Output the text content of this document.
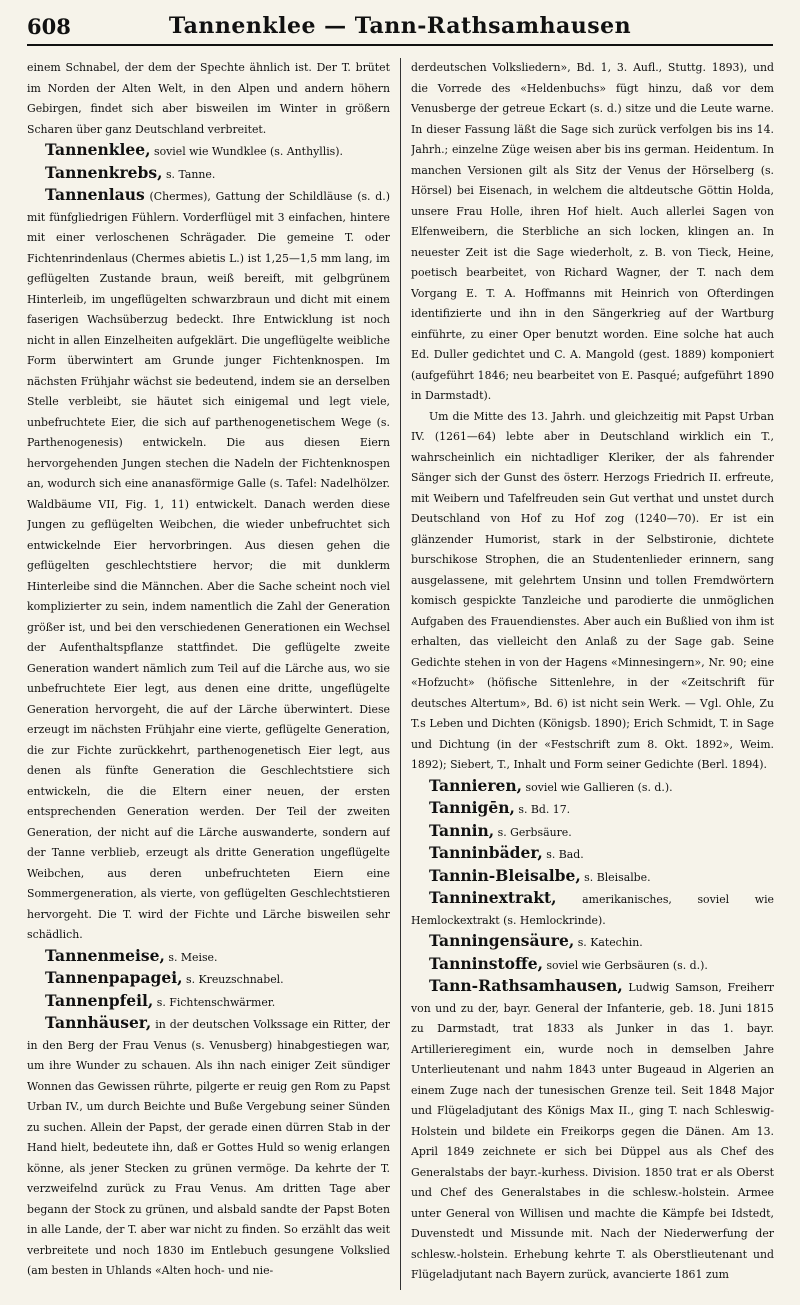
608	Tannenklee — Tann-Rathsamhausen

einem Schnabel, der dem der Spechte ähnlich ist. Der T. brütet im Norden der Alten Welt, in den Alpen und andern höhern Gebirgen, findet sich aber bisweilen im Winter in größern Scharen über ganz Deutschland verbreitet.

Tannenklee, soviel wie Wundklee (s. Anthyllis).

Tannenkrebs, s. Tanne.

Tannenlaus (Chermes), Gattung der Schildläuse (s. d.) mit fünfgliedrigen Fühlern. Vorderflügel mit 3 einfachen, hintere mit einer verloschenen Schrägader. Die gemeine T. oder Fichtenrindenlaus (Chermes abietis L.) ist 1,25—1,5 mm lang, im geflügelten Zustande braun, weiß bereift, mit gelbgrünem Hinterleib, im ungeflügelten schwarzbraun und dicht mit einem faserigen Wachsüberzug bedeckt. Ihre Entwicklung ist noch nicht in allen Einzelheiten aufgeklärt. Die ungeflügelte weibliche Form überwintert am Grunde junger Fichtenknospen. Im nächsten Frühjahr wächst sie bedeutend, indem sie an derselben Stelle verbleibt, sie häutet sich einigemal und legt viele, unbefruchtete Eier, die sich auf parthenogenetischem Wege (s. Parthenogenesis) entwickeln. Die aus diesen Eiern hervorgehenden Jungen stechen die Nadeln der Fichtenknospen an, wodurch sich eine ananasförmige Galle (s. Tafel: Nadelhölzer. Waldbäume VII, Fig. 1, 11) entwickelt. Danach werden diese Jungen zu geflügelten Weibchen, die wieder unbefruchtet sich entwickelnde Eier hervorbringen. Aus diesen gehen die geflügelten geschlechtstiere hervor; die mit dunklerm Hinterleibe sind die Männchen. Aber die Sache scheint noch viel komplizierter zu sein, indem namentlich die Zahl der Generation größer ist, und bei den verschiedenen Generationen ein Wechsel der Aufenthaltspflanze stattfindet. Die geflügelte zweite Generation wandert nämlich zum Teil auf die Lärche aus, wo sie unbefruchtete Eier legt, aus denen eine dritte, ungeflügelte Generation hervorgeht, die auf der Lärche überwintert. Diese erzeugt im nächsten Frühjahr eine vierte, geflügelte Generation, die zur Fichte zurückkehrt, parthenogenetisch Eier legt, aus denen als fünfte Generation die Geschlechtstiere sich entwickeln, die die Eltern einer neuen, der ersten entsprechenden Generation werden. Der Teil der zweiten Generation, der nicht auf die Lärche auswanderte, sondern auf der Tanne verblieb, erzeugt als dritte Generation ungeflügelte Weibchen, aus deren unbefruchteten Eiern eine Sommergeneration, als vierte, von geflügelten Geschlechtstieren hervorgeht. Die T. wird der Fichte und Lärche bisweilen sehr schädlich.

Tannenmeise, s. Meise.

Tannenpapagei, s. Kreuzschnabel.

Tannenpfeil, s. Fichtenschwärmer.

Tannhäuser, in der deutschen Volkssage ein Ritter, der in den Berg der Frau Venus (s. Venusberg) hinabgestiegen war, um ihre Wunder zu schauen. Als ihn nach einiger Zeit sündiger Wonnen das Gewissen rührte, pilgerte er reuig gen Rom zu Papst Urban IV., um durch Beichte und Buße Vergebung seiner Sünden zu suchen. Allein der Papst, der gerade einen dürren Stab in der Hand hielt, bedeutete ihn, daß er Gottes Huld so wenig erlangen könne, als jener Stecken zu grünen vermöge. Da kehrte der T. verzweifelnd zurück zu Frau Venus. Am dritten Tage aber begann der Stock zu grünen, und alsbald sandte der Papst Boten in alle Lande, der T. aber war nicht zu finden. So erzählt das weit verbreitete und noch 1830 im Entlebuch gesungene Volkslied (am besten in Uhlands «Alten hoch- und nie-

derdeutschen Volksliedern», Bd. 1, 3. Aufl., Stuttg. 1893), und die Vorrede des «Heldenbuchs» fügt hinzu, daß vor dem Venusberge der getreue Eckart (s. d.) sitze und die Leute warne. In dieser Fassung läßt die Sage sich zurück verfolgen bis ins 14. Jahrh.; einzelne Züge weisen aber bis ins german. Heidentum. In manchen Versionen gilt als Sitz der Venus der Hörselberg (s. Hörsel) bei Eisenach, in welchem die altdeutsche Göttin Holda, unsere Frau Holle, ihren Hof hielt. Auch allerlei Sagen von Elfenweibern, die Sterbliche an sich locken, klingen an. In neuester Zeit ist die Sage wiederholt, z. B. von Tieck, Heine, poetisch bearbeitet, von Richard Wagner, der T. nach dem Vorgang E. T. A. Hoffmanns mit Heinrich von Ofterdingen identifizierte und ihn in den Sängerkrieg auf der Wartburg einführte, zu einer Oper benutzt worden. Eine solche hat auch Ed. Duller gedichtet und C. A. Mangold (gest. 1889) komponiert (aufgeführt 1846; neu bearbeitet von E. Pasqué; aufgeführt 1890 in Darmstadt).

Um die Mitte des 13. Jahrh. und gleichzeitig mit Papst Urban IV. (1261—64) lebte aber in Deutschland wirklich ein T., wahrscheinlich ein nichtadliger Kleriker, der als fahrender Sänger sich der Gunst des österr. Herzogs Friedrich II. erfreute, mit Weibern und Tafelfreuden sein Gut verthat und unstet durch Deutschland von Hof zu Hof zog (1240—70). Er ist ein glänzender Humorist, stark in der Selbstironie, dichtete burschikose Strophen, die an Studentenlieder erinnern, sang ausgelassene, mit gelehrtem Unsinn und tollen Fremdwörtern komisch gespickte Tanzleiche und parodierte die unmöglichen Aufgaben des Frauendienstes. Aber auch ein Bußlied von ihm ist erhalten, das vielleicht den Anlaß zu der Sage gab. Seine Gedichte stehen in von der Hagens «Minnesingern», Nr. 90; eine «Hofzucht» (höfische Sittenlehre, in der «Zeitschrift für deutsches Altertum», Bd. 6) ist nicht sein Werk. — Vgl. Ohle, Zu T.s Leben und Dichten (Königsb. 1890); Erich Schmidt, T. in Sage und Dichtung (in der «Festschrift zum 8. Okt. 1892», Weim. 1892); Siebert, T., Inhalt und Form seiner Gedichte (Berl. 1894).

Tannieren, soviel wie Gallieren (s. d.).

Tannigēn, s. Bd. 17.

Tannin, s. Gerbsäure.

Tanninbäder, s. Bad.

Tannin-Bleisalbe, s. Bleisalbe.

Tanninextrakt, amerikanisches, soviel wie Hemlockextrakt (s. Hemlockrinde).

Tanningensäure, s. Katechin.

Tanninstoffe, soviel wie Gerbsäuren (s. d.).

Tann-Rathsamhausen, Ludwig Samson, Freiherr von und zu der, bayr. General der Infanterie, geb. 18. Juni 1815 zu Darmstadt, trat 1833 als Junker in das 1. bayr. Artillerieregiment ein, wurde noch in demselben Jahre Unterlieutenant und nahm 1843 unter Bugeaud in Algerien an einem Zuge nach der tunesischen Grenze teil. Seit 1848 Major und Flügeladjutant des Königs Max II., ging T. nach Schleswig-Holstein und bildete ein Freikorps gegen die Dänen. Am 13. April 1849 zeichnete er sich bei Düppel aus als Chef des Generalstabs der bayr.-kurhess. Division. 1850 trat er als Oberst und Chef des Generalstabes in die schlesw.-holstein. Armee unter General von Willisen und machte die Kämpfe bei Idstedt, Duvenstedt und Missunde mit. Nach der Niederwerfung der schlesw.-holstein. Erhebung kehrte T. als Oberstlieutenant und Flügeladjutant nach Bayern zurück, avancierte 1861 zum
